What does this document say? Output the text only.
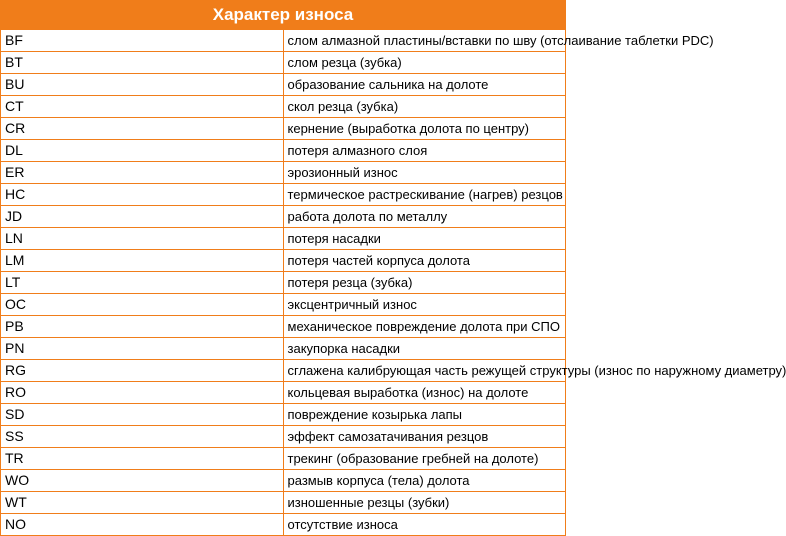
Характер износа	
BF	слом алмазной пластины/вставки по шву (отслаивание таблетки PDC)
BT	слом резца (зубка)
BU	образование сальника на долоте
CT	скол резца (зубка)
CR	кернение (выработка долота по центру)
DL	потеря алмазного слоя
ER	эрозионный износ
HC	термическое растрескивание (нагрев) резцов
JD	работа долота по металлу
LN	потеря насадки
LM	потеря частей корпуса долота
LT	потеря резца (зубка)
OC	эксцентричный износ
PB	механическое повреждение долота при СПО
PN	закупорка насадки
RG	сглажена калибрующая часть режущей структуры (износ по наружному диаметру)
RO	кольцевая выработка (износ) на долоте
SD	повреждение козырька лапы
SS	эффект самозатачивания резцов
TR	трекинг (образование гребней на долоте)
WO	размыв корпуса (тела) долота
WT	изношенные резцы (зубки)
NO	отсутствие износа
